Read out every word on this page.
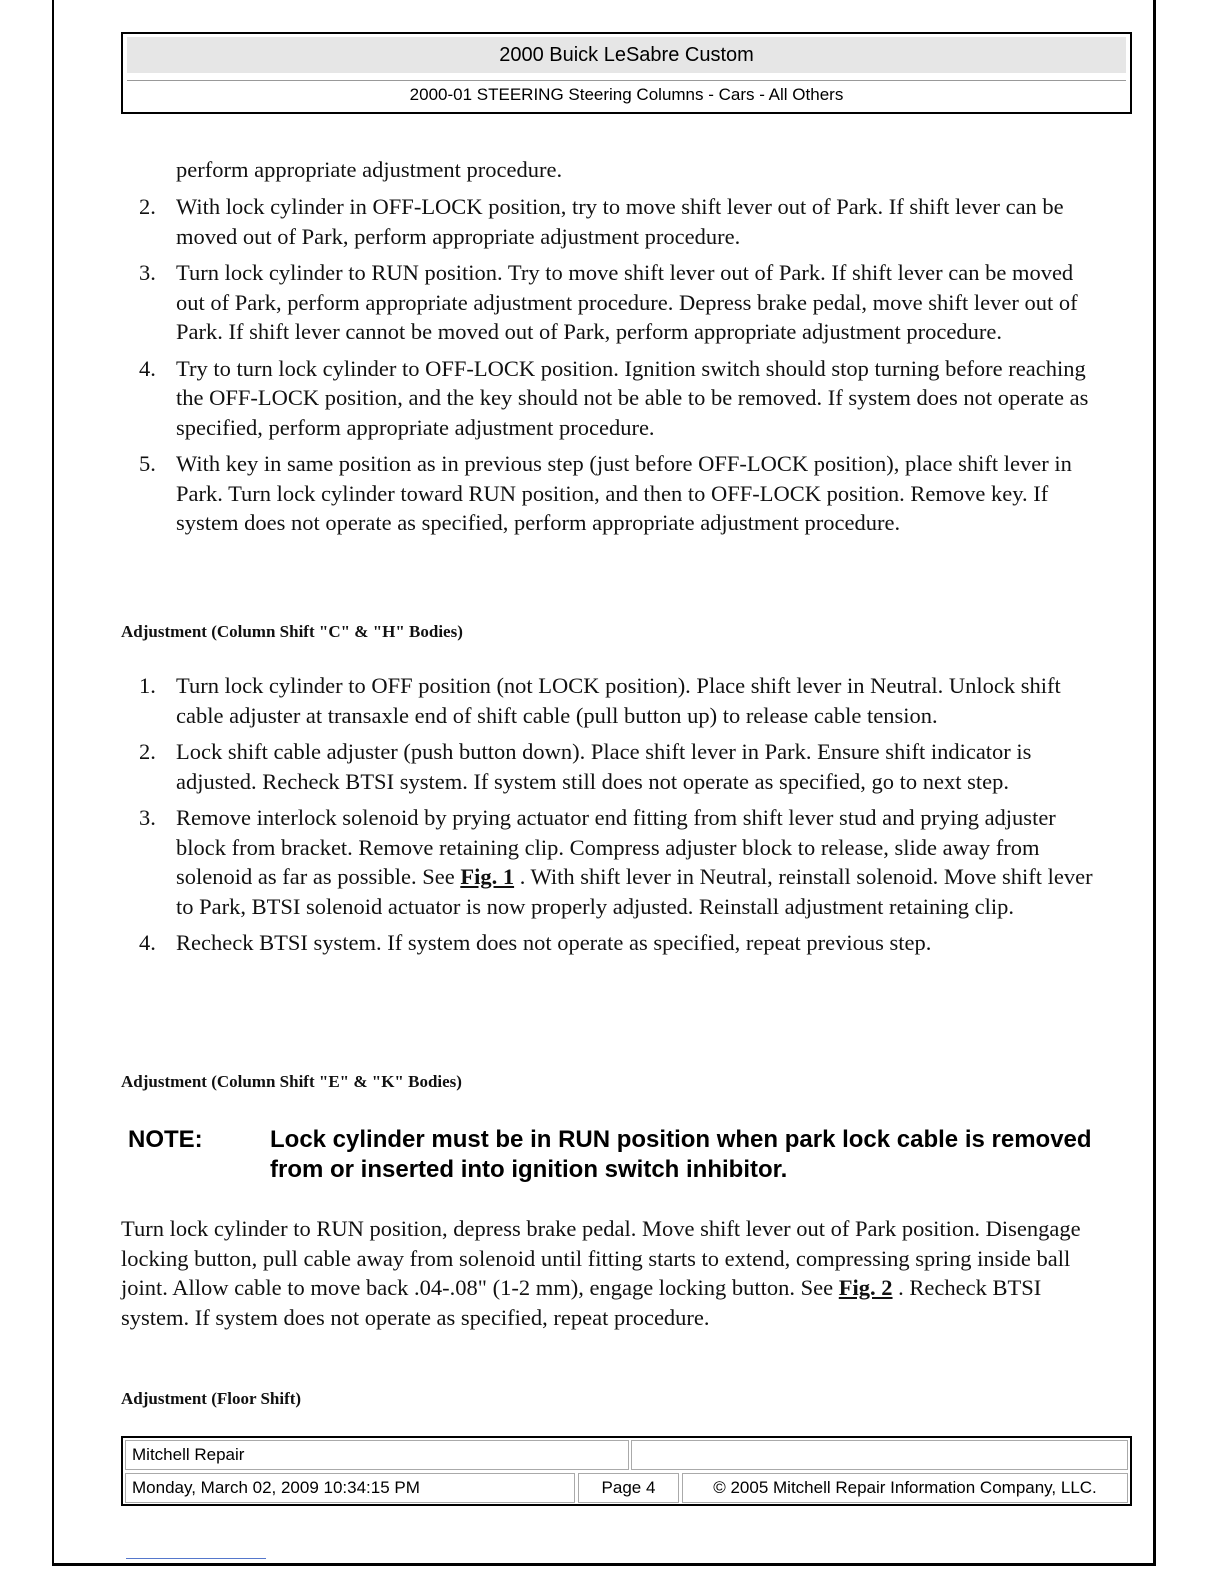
2000 Buick LeSabre Custom
2000-01 STEERING Steering Columns - Cars - All Others
perform appropriate adjustment procedure.
2. With lock cylinder in OFF-LOCK position, try to move shift lever out of Park. If shift lever can be moved out of Park, perform appropriate adjustment procedure.
3. Turn lock cylinder to RUN position. Try to move shift lever out of Park. If shift lever can be moved out of Park, perform appropriate adjustment procedure. Depress brake pedal, move shift lever out of Park. If shift lever cannot be moved out of Park, perform appropriate adjustment procedure.
4. Try to turn lock cylinder to OFF-LOCK position. Ignition switch should stop turning before reaching the OFF-LOCK position, and the key should not be able to be removed. If system does not operate as specified, perform appropriate adjustment procedure.
5. With key in same position as in previous step (just before OFF-LOCK position), place shift lever in Park. Turn lock cylinder toward RUN position, and then to OFF-LOCK position. Remove key. If system does not operate as specified, perform appropriate adjustment procedure.
Adjustment (Column Shift "C" & "H" Bodies)
1. Turn lock cylinder to OFF position (not LOCK position). Place shift lever in Neutral. Unlock shift cable adjuster at transaxle end of shift cable (pull button up) to release cable tension.
2. Lock shift cable adjuster (push button down). Place shift lever in Park. Ensure shift indicator is adjusted. Recheck BTSI system. If system still does not operate as specified, go to next step.
3. Remove interlock solenoid by prying actuator end fitting from shift lever stud and prying adjuster block from bracket. Remove retaining clip. Compress adjuster block to release, slide away from solenoid as far as possible. See Fig. 1 . With shift lever in Neutral, reinstall solenoid. Move shift lever to Park, BTSI solenoid actuator is now properly adjusted. Reinstall adjustment retaining clip.
4. Recheck BTSI system. If system does not operate as specified, repeat previous step.
Adjustment (Column Shift "E" & "K" Bodies)
NOTE:	Lock cylinder must be in RUN position when park lock cable is removed from or inserted into ignition switch inhibitor.
Turn lock cylinder to RUN position, depress brake pedal. Move shift lever out of Park position. Disengage locking button, pull cable away from solenoid until fitting starts to extend, compressing spring inside ball joint. Allow cable to move back .04-.08" (1-2 mm), engage locking button. See Fig. 2 . Recheck BTSI system. If system does not operate as specified, repeat procedure.
Adjustment (Floor Shift)
Mitchell Repair
Monday, March 02, 2009 10:34:15 PM	Page 4	© 2005 Mitchell Repair Information Company, LLC.
